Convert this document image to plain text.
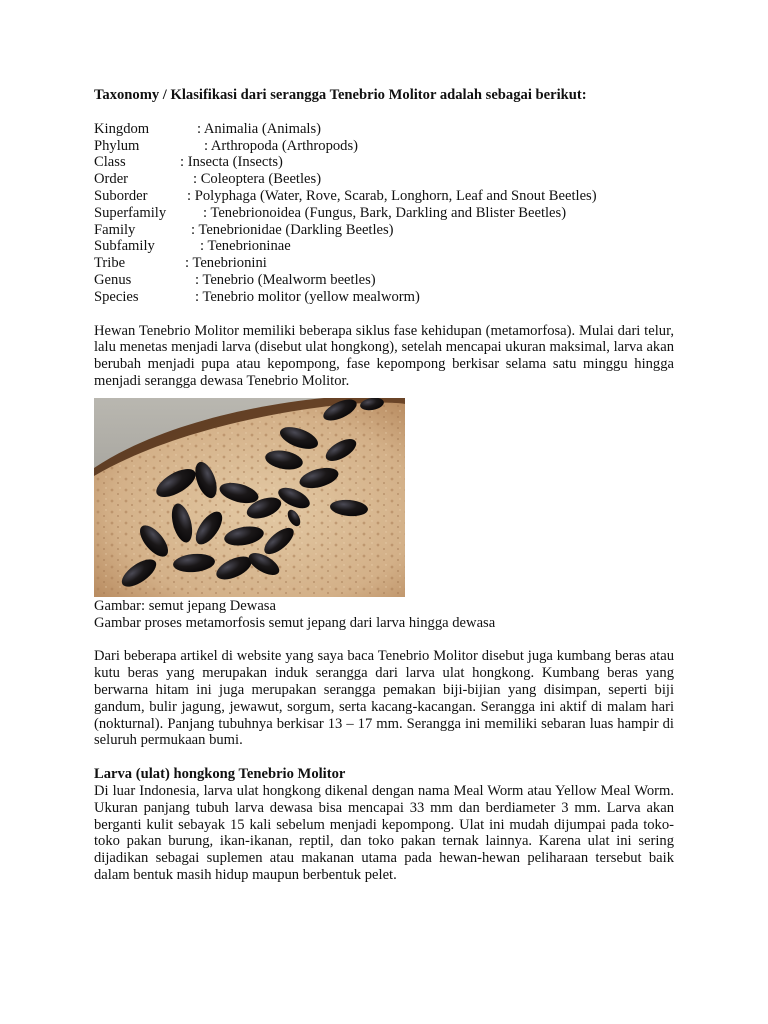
Taxonomy / Klasifikasi dari serangga Tenebrio Molitor adalah sebagai berikut:

Kingdom	: Animalia (Animals)
Phylum	: Arthropoda (Arthropods)
Class	: Insecta (Insects)
Order	: Coleoptera (Beetles)
Suborder	: Polyphaga (Water, Rove, Scarab, Longhorn, Leaf and Snout Beetles)
Superfamily	: Tenebrionoidea (Fungus, Bark, Darkling and Blister Beetles)
Family	: Tenebrionidae (Darkling Beetles)
Subfamily	: Tenebrioninae
Tribe	: Tenebrionini
Genus	: Tenebrio (Mealworm beetles)
Species	: Tenebrio molitor (yellow mealworm)

Hewan Tenebrio Molitor memiliki beberapa siklus fase kehidupan (metamorfosa). Mulai dari telur, lalu menetas menjadi larva (disebut ulat hongkong), setelah mencapai ukuran maksimal, larva akan berubah menjadi pupa atau kepompong, fase kepompong berkisar selama satu minggu hingga menjadi serangga dewasa Tenebrio Molitor.

Gambar: semut jepang Dewasa

Gambar proses metamorfosis semut jepang dari larva hingga dewasa

Dari beberapa artikel di website yang saya baca Tenebrio Molitor disebut juga kumbang beras atau kutu beras yang merupakan induk serangga dari larva ulat hongkong. Kumbang beras yang berwarna hitam ini juga merupakan serangga pemakan biji-bijian yang disimpan, seperti biji gandum, bulir jagung, jewawut, sorgum, serta kacang-kacangan. Serangga ini aktif di malam hari (nokturnal). Panjang tubuhnya berkisar 13 – 17 mm. Serangga ini memiliki sebaran luas hampir di seluruh permukaan bumi.

Larva (ulat) hongkong Tenebrio Molitor

Di luar Indonesia, larva ulat hongkong dikenal dengan nama Meal Worm atau Yellow Meal Worm. Ukuran panjang tubuh larva dewasa bisa mencapai 33 mm dan berdiameter 3 mm. Larva akan berganti kulit sebayak 15 kali sebelum menjadi kepompong. Ulat ini mudah dijumpai pada toko-toko pakan burung, ikan-ikanan, reptil, dan toko pakan ternak lainnya. Karena ulat ini sering dijadikan sebagai suplemen atau makanan utama pada hewan-hewan peliharaan tersebut baik dalam bentuk masih hidup maupun berbentuk pelet.
